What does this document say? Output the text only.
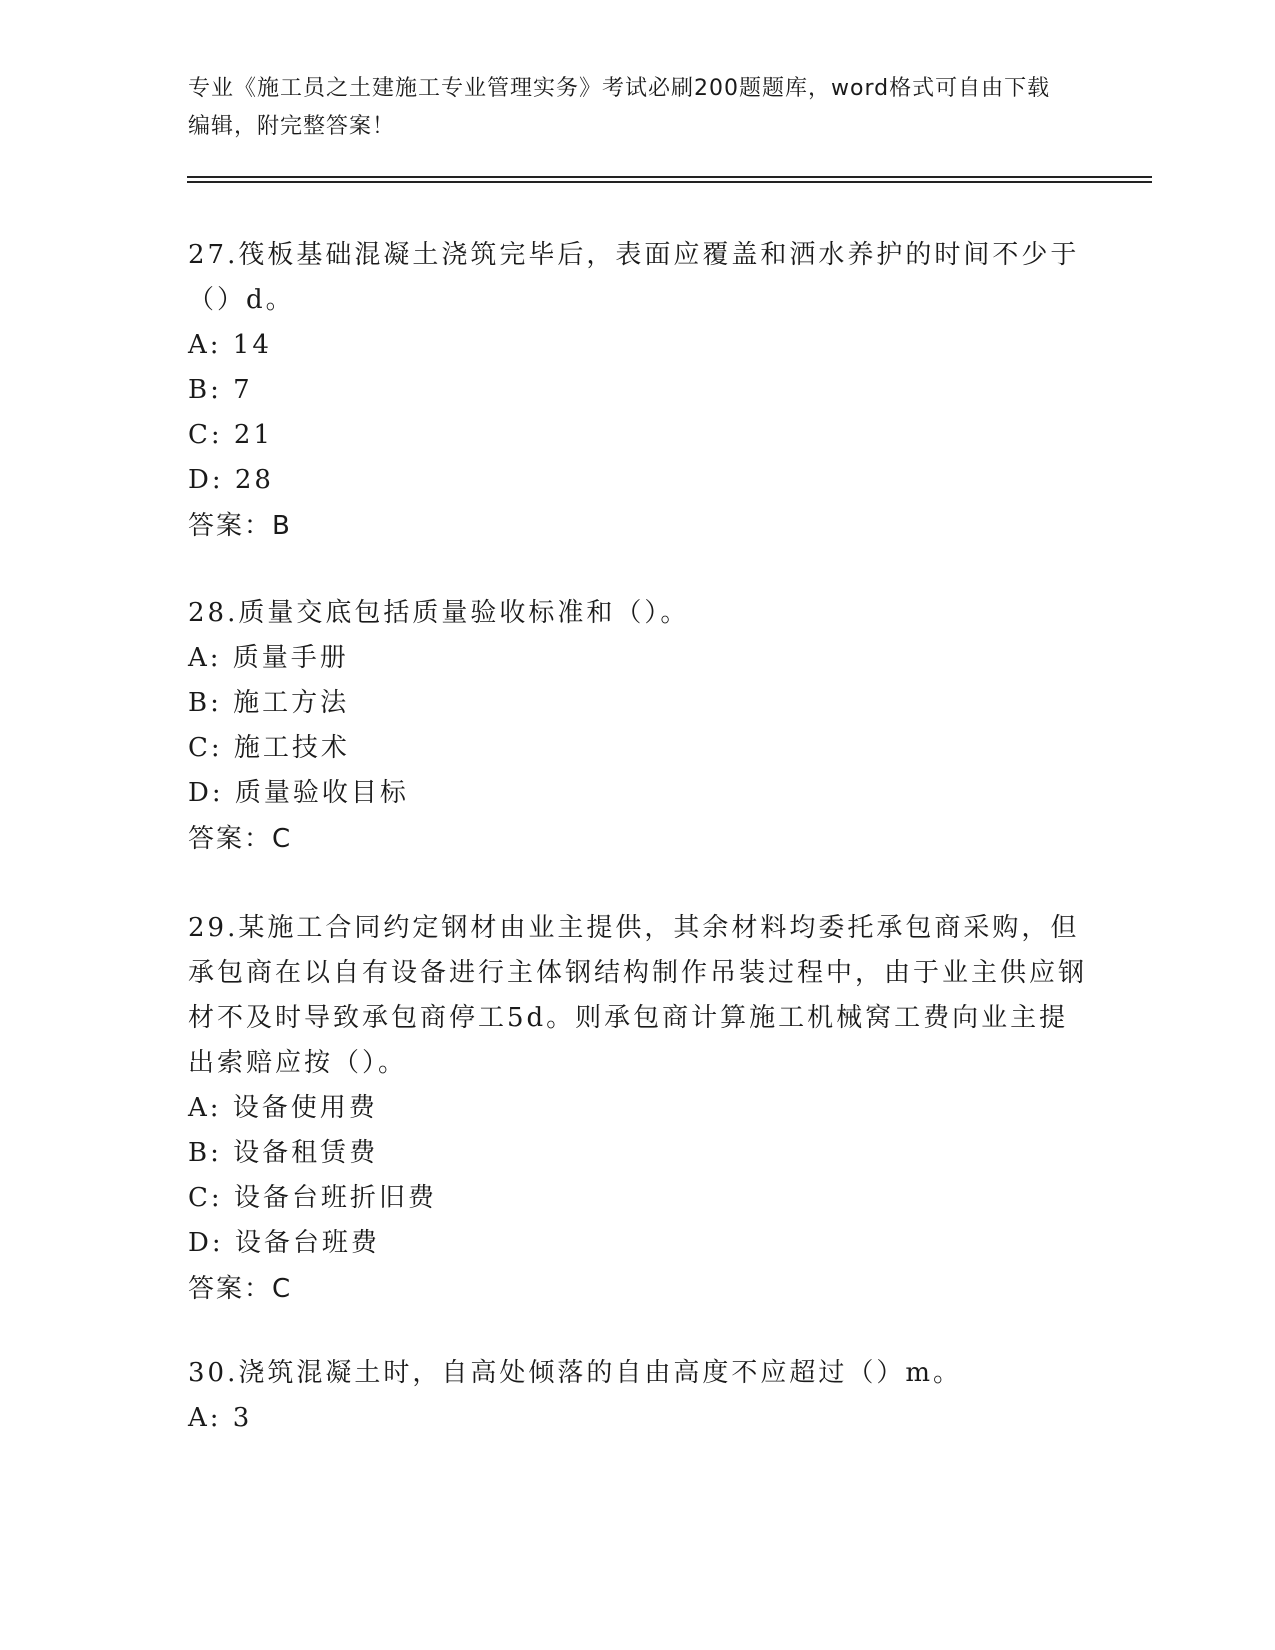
专业《施工员之土建施工专业管理实务》考试必刷200题题库，word格式可自由下载编辑，附完整答案！
27.筏板基础混凝土浇筑完毕后，表面应覆盖和洒水养护的时间不少于（）d。
A: 14
B: 7
C: 21
D: 28
答案：B
28.质量交底包括质量验收标准和（）。
A: 质量手册
B: 施工方法
C: 施工技术
D: 质量验收目标
答案：C
29.某施工合同约定钢材由业主提供，其余材料均委托承包商采购，但承包商在以自有设备进行主体钢结构制作吊装过程中，由于业主供应钢材不及时导致承包商停工5d。则承包商计算施工机械窝工费向业主提出索赔应按（）。
A: 设备使用费
B: 设备租赁费
C: 设备台班折旧费
D: 设备台班费
答案：C
30.浇筑混凝土时，自高处倾落的自由高度不应超过（）m。
A: 3
